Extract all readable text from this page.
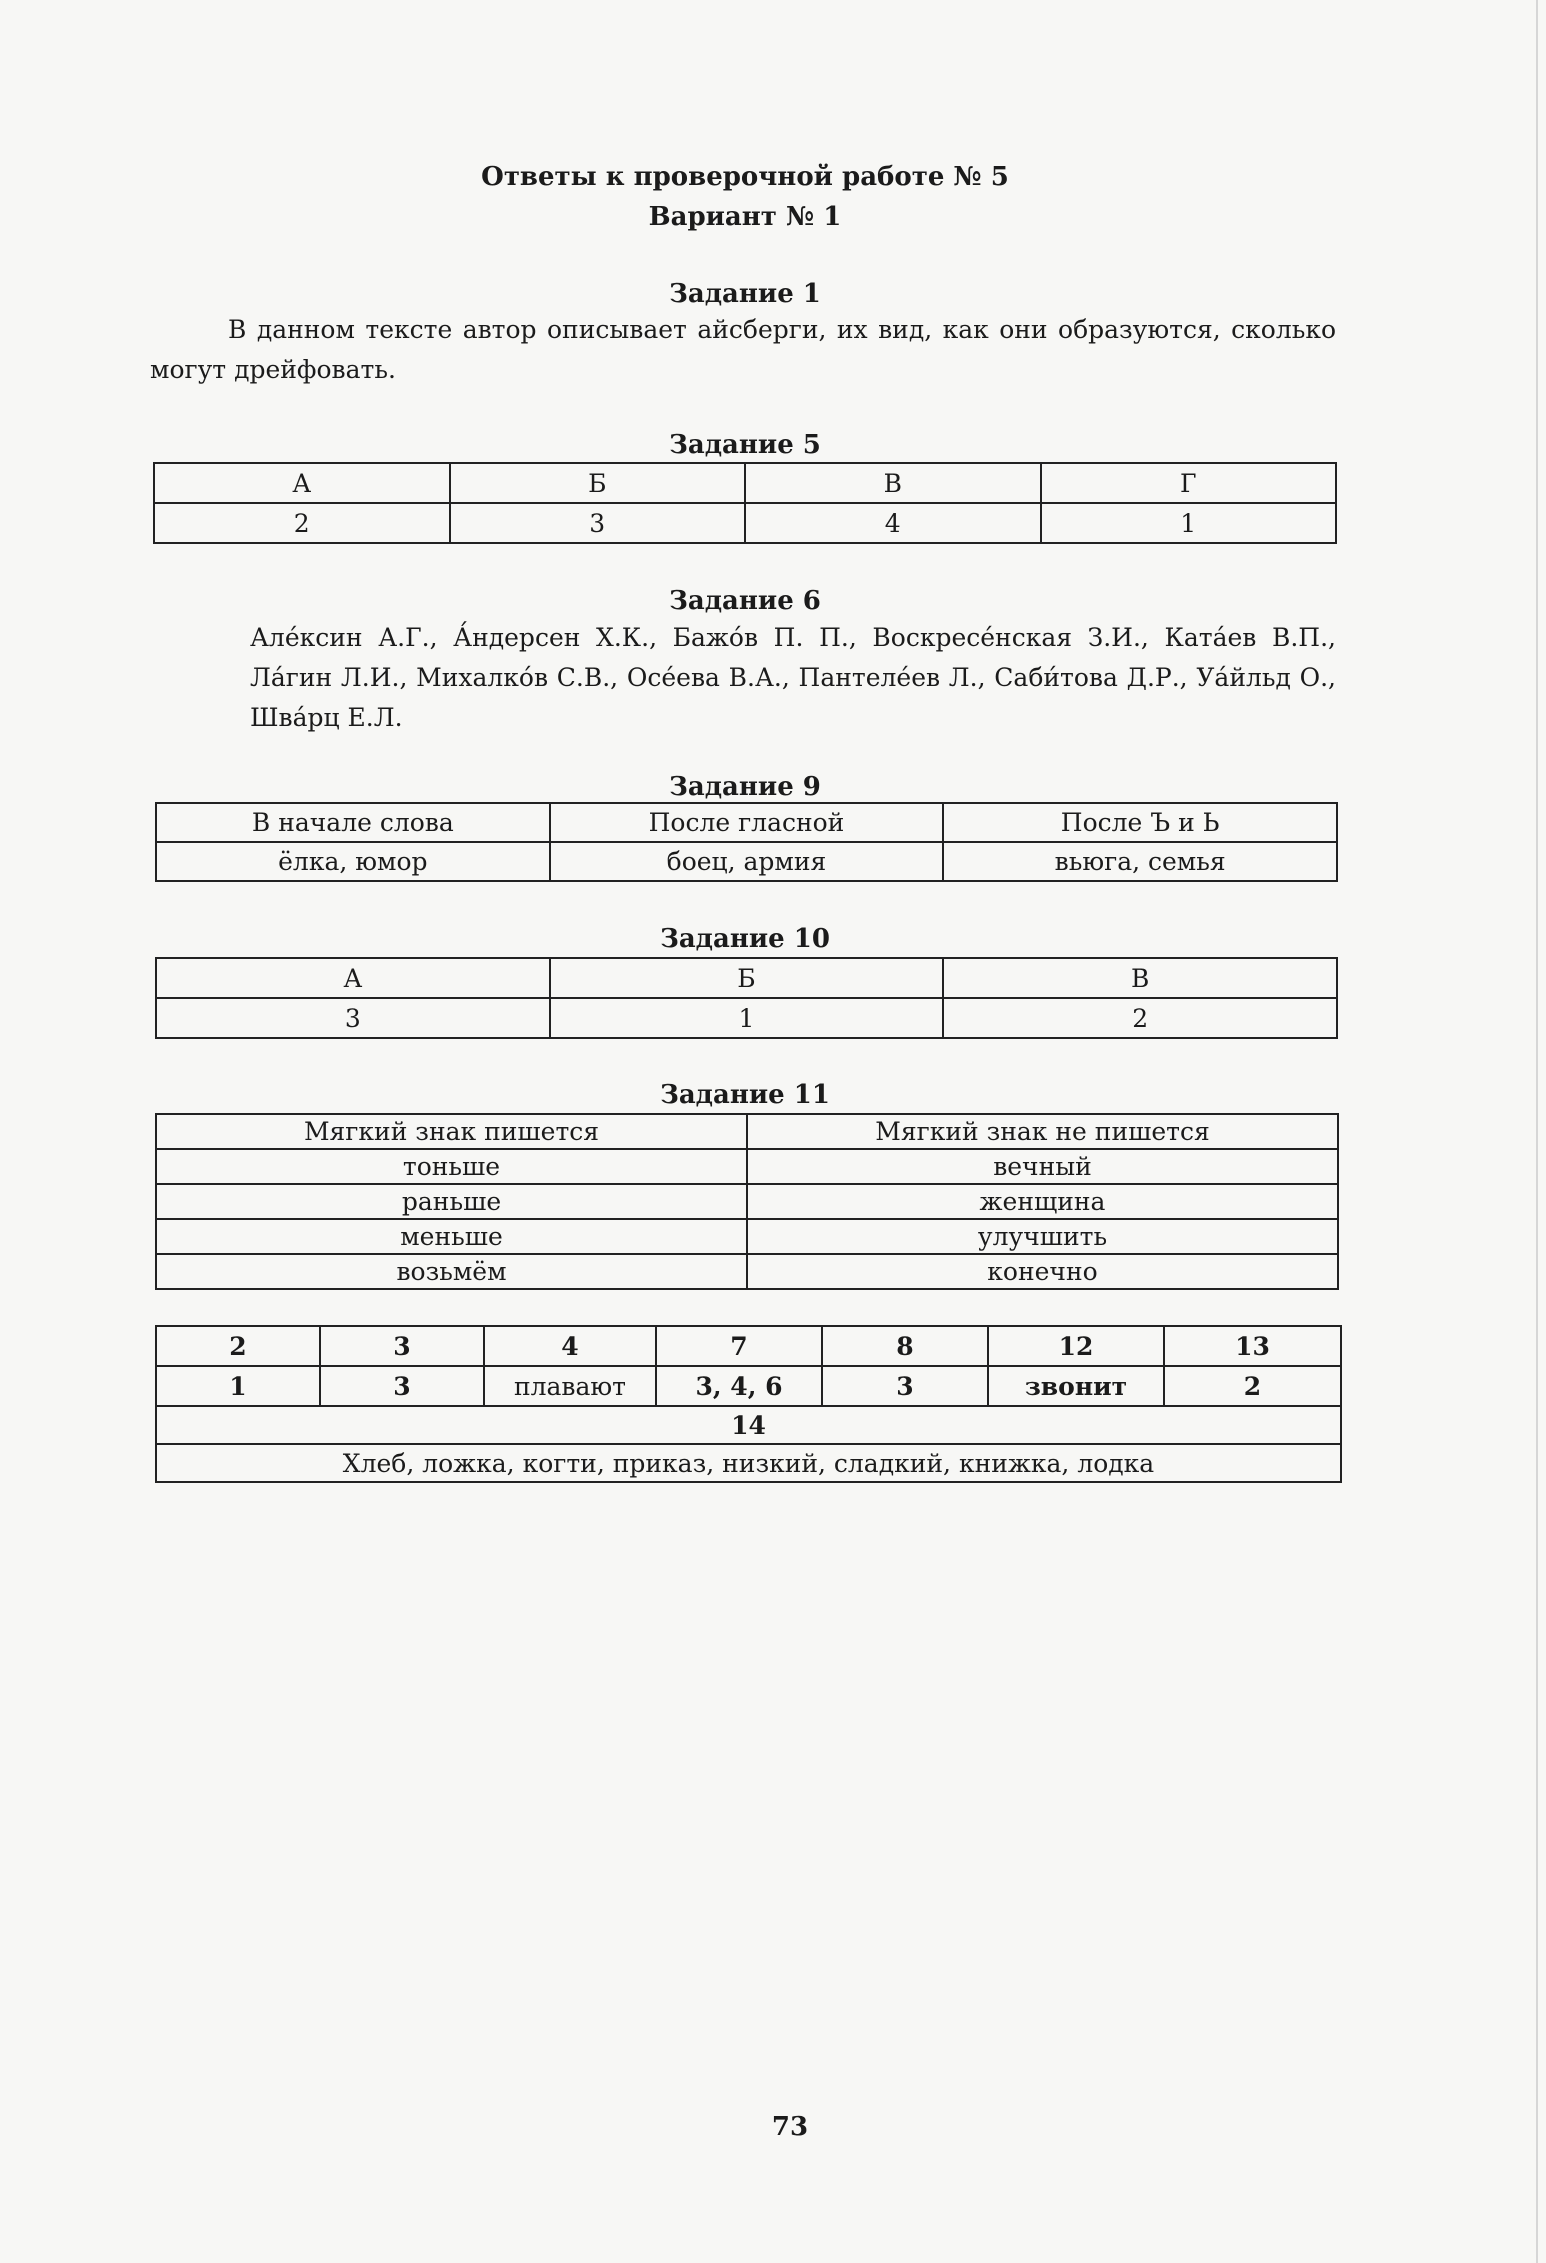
Ответы к проверочной работе № 5
Вариант № 1
Задание 1

В данном тексте автор описывает айсберги, их вид, как они образуются, сколько могут дрейфовать.

Задание 5
А	Б	В	Г
2	3	4	1
Задание 6

Але́ксин А.Г., А́ндерсен Х.К., Бажо́в П. П., Воскресе́нская З.И., Ката́ев В.П., Ла́гин Л.И., Михалко́в С.В., Осе́ева В.А., Пантеле́ев Л., Саби́това Д.Р., Уа́йльд О., Шва́рц Е.Л.

Задание 9
В начале слова	После гласной	После Ъ и Ь
ёлка, юмор	боец, армия	вьюга, семья
Задание 10
А	Б	В
3	1	2
Задание 11
Мягкий знак пишется	Мягкий знак не пишется
тоньше	вечный
раньше	женщина
меньше	улучшить
возьмём	конечно
2	3	4	7	8	12	13
1	3	плавают	3, 4, 6	3	звонит	2
14						
Хлеб, ложка, когти, приказ, низкий, сладкий, книжка, лодка						
73
